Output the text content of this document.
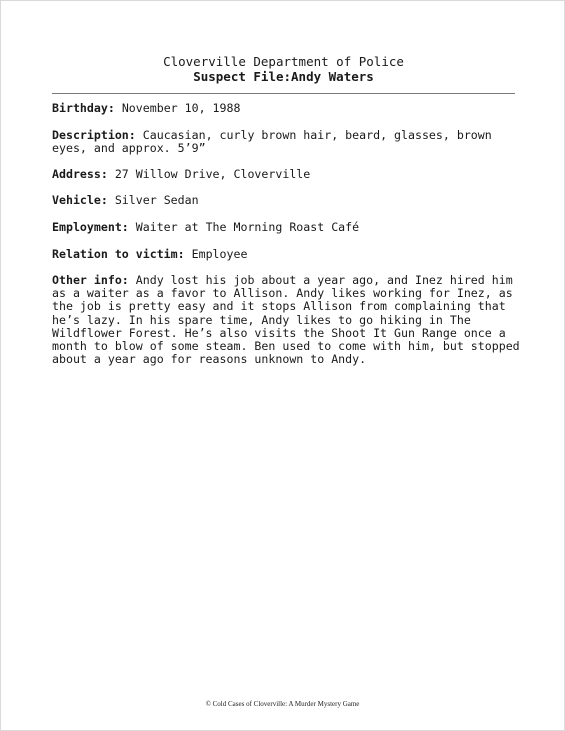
Cloverville Department of Police
Suspect File:Andy Waters

Birthday: November 10, 1988

Description: Caucasian, curly brown hair, beard, glasses, brown eyes, and approx. 5’9”

Address: 27 Willow Drive, Cloverville

Vehicle: Silver Sedan

Employment: Waiter at The Morning Roast Café

Relation to victim: Employee

Other info: Andy lost his job about a year ago, and Inez hired him as a waiter as a favor to Allison. Andy likes working for Inez, as the job is pretty easy and it stops Allison from complaining that he’s lazy. In his spare time, Andy likes to go hiking in The Wildflower Forest. He’s also visits the Shoot It Gun Range once a month to blow of some steam. Ben used to come with him, but stopped about a year ago for reasons unknown to Andy.

© Cold Cases of Cloverville: A Murder Mystery Game
